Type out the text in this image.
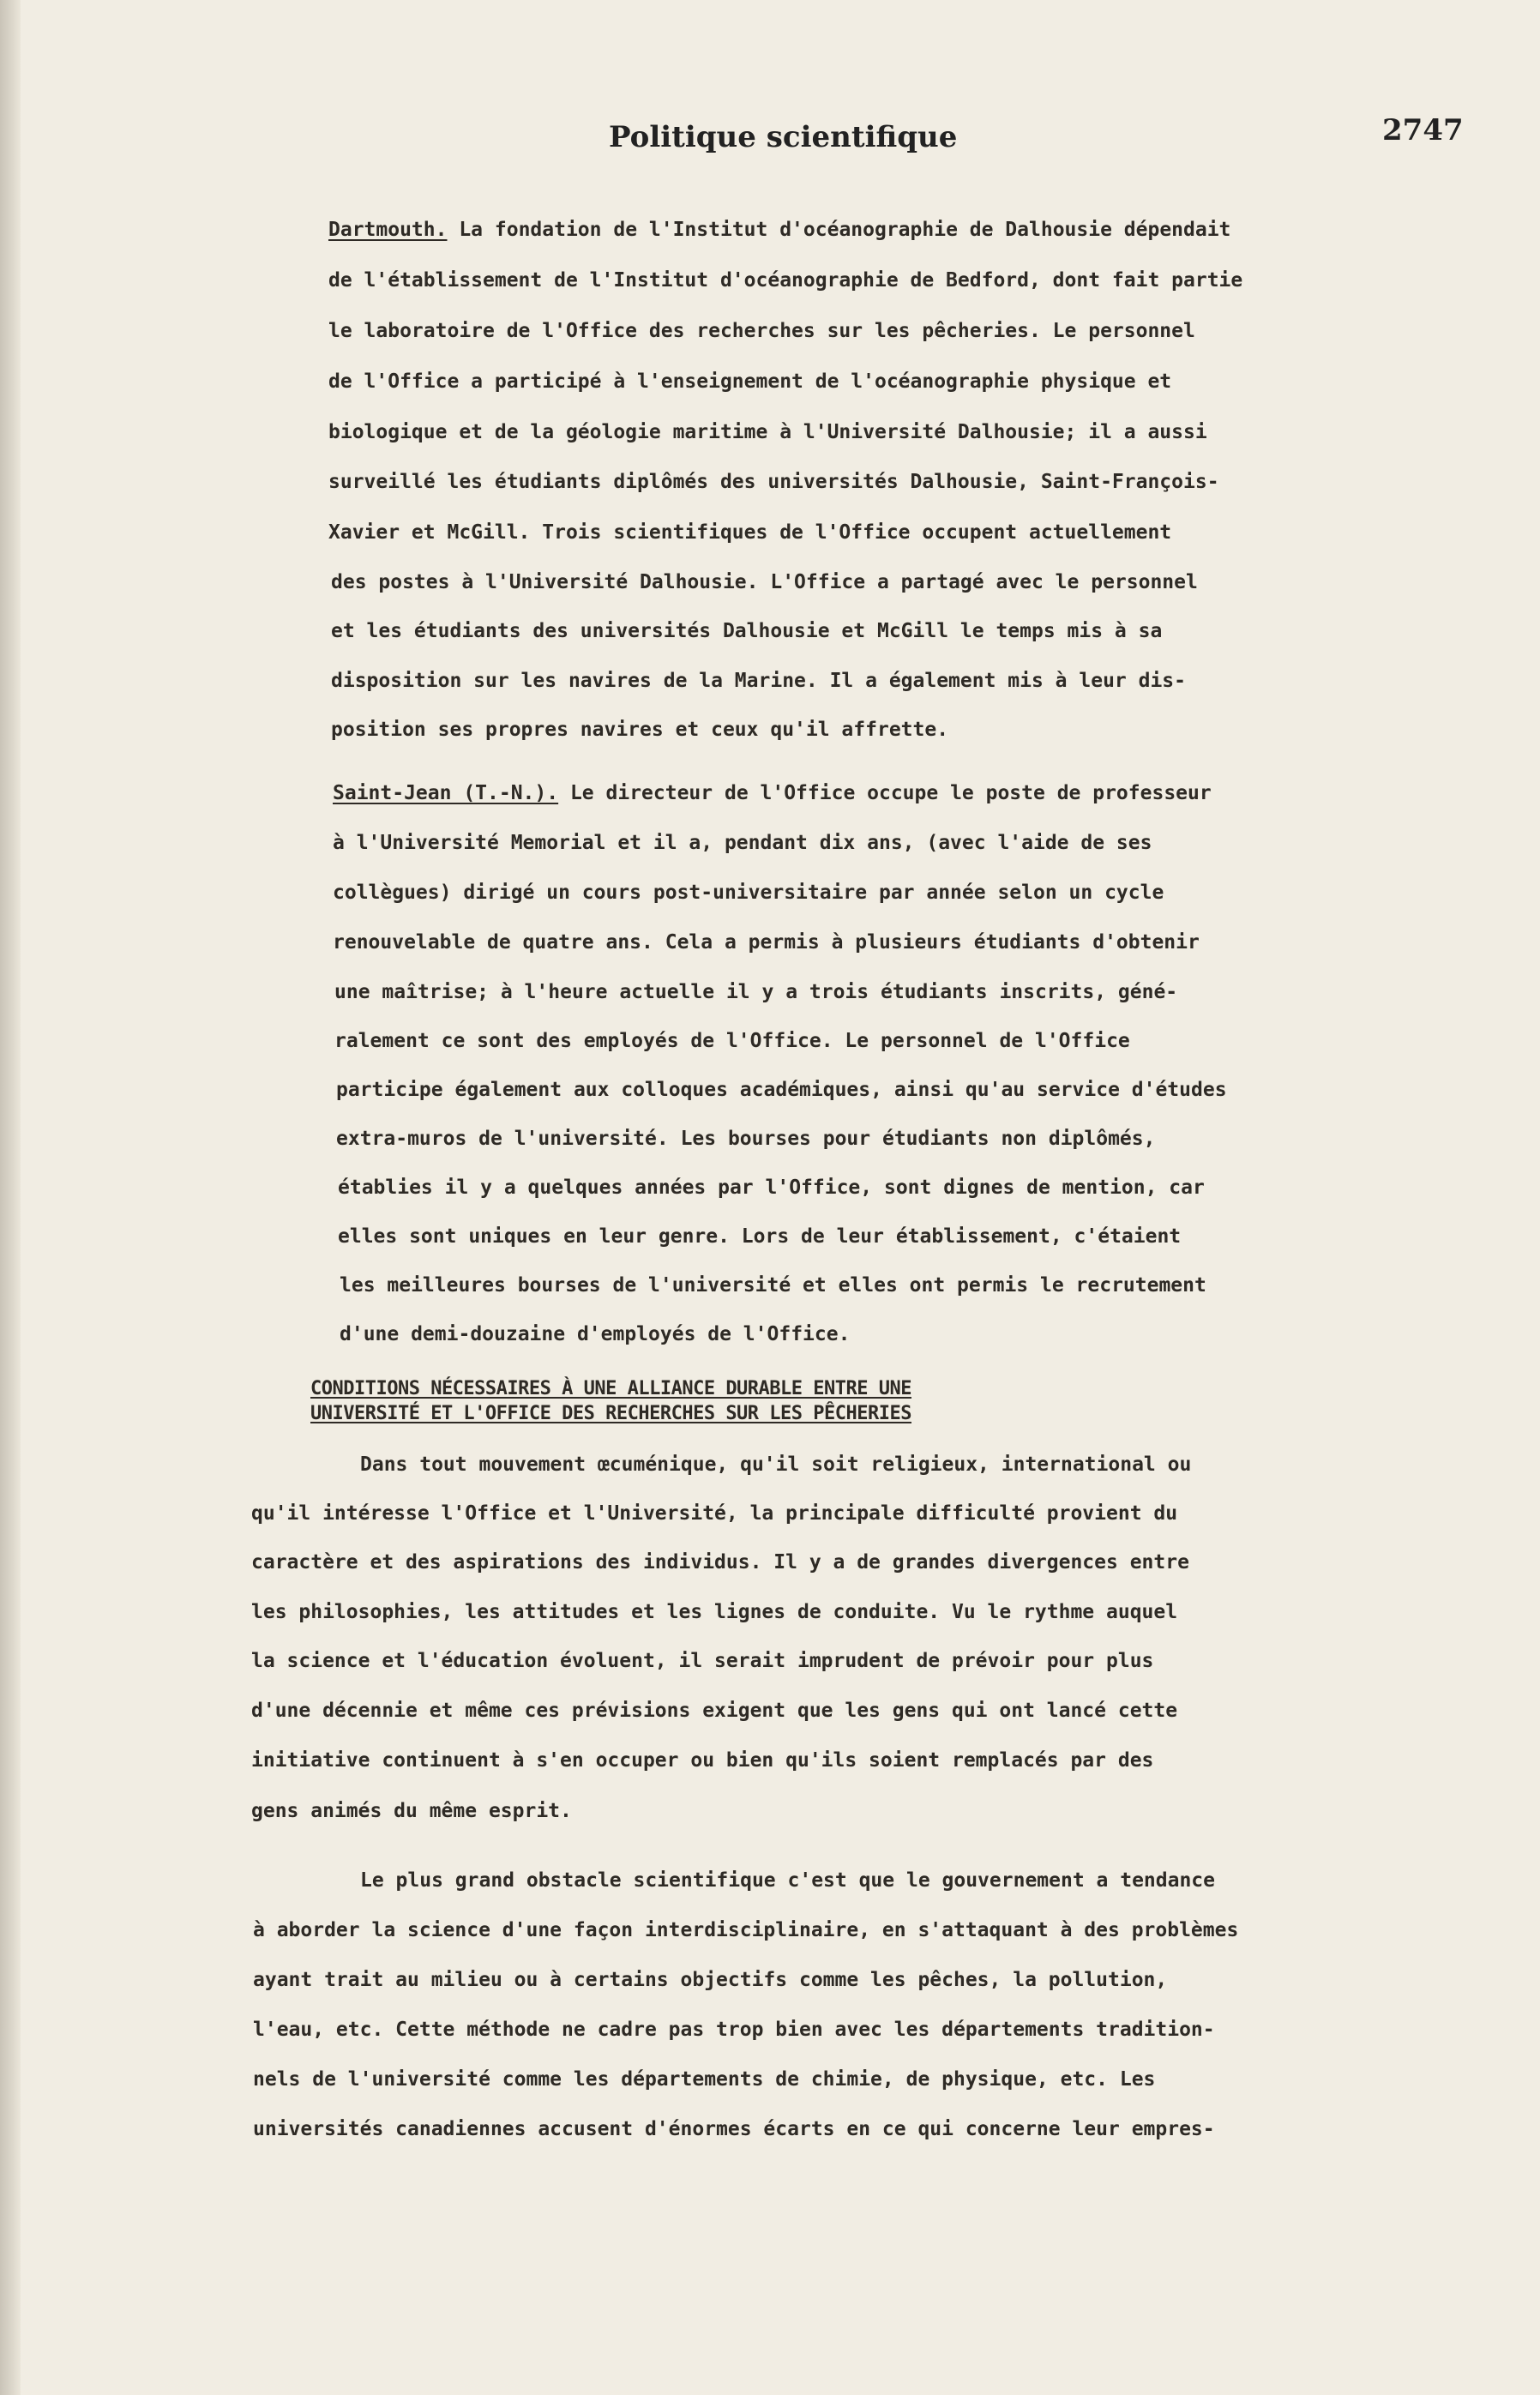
Politique scientifique	2747
Dartmouth. La fondation de l'Institut d'océanographie de Dalhousie dépendait
de l'établissement de l'Institut d'océanographie de Bedford, dont fait partie
le laboratoire de l'Office des recherches sur les pêcheries. Le personnel
de l'Office a participé à l'enseignement de l'océanographie physique et
biologique et de la géologie maritime à l'Université Dalhousie; il a aussi
surveillé les étudiants diplômés des universités Dalhousie, Saint-François-
Xavier et McGill. Trois scientifiques de l'Office occupent actuellement
des postes à l'Université Dalhousie. L'Office a partagé avec le personnel
et les étudiants des universités Dalhousie et McGill le temps mis à sa
disposition sur les navires de la Marine. Il a également mis à leur dis-
position ses propres navires et ceux qu'il affrette.
Saint-Jean (T.-N.). Le directeur de l'Office occupe le poste de professeur
à l'Université Memorial et il a, pendant dix ans, (avec l'aide de ses
collègues) dirigé un cours post-universitaire par année selon un cycle
renouvelable de quatre ans. Cela a permis à plusieurs étudiants d'obtenir
une maîtrise; à l'heure actuelle il y a trois étudiants inscrits, géné-
ralement ce sont des employés de l'Office. Le personnel de l'Office
participe également aux colloques académiques, ainsi qu'au service d'études
extra-muros de l'université. Les bourses pour étudiants non diplômés,
établies il y a quelques années par l'Office, sont dignes de mention, car
elles sont uniques en leur genre. Lors de leur établissement, c'étaient
les meilleures bourses de l'université et elles ont permis le recrutement
d'une demi-douzaine d'employés de l'Office.
CONDITIONS NÉCESSAIRES À UNE ALLIANCE DURABLE ENTRE UNE
UNIVERSITÉ ET L'OFFICE DES RECHERCHES SUR LES PÊCHERIES
Dans tout mouvement œcuménique, qu'il soit religieux, international ou
qu'il intéresse l'Office et l'Université, la principale difficulté provient du
caractère et des aspirations des individus. Il y a de grandes divergences entre
les philosophies, les attitudes et les lignes de conduite. Vu le rythme auquel
la science et l'éducation évoluent, il serait imprudent de prévoir pour plus
d'une décennie et même ces prévisions exigent que les gens qui ont lancé cette
initiative continuent à s'en occuper ou bien qu'ils soient remplacés par des
gens animés du même esprit.
Le plus grand obstacle scientifique c'est que le gouvernement a tendance
à aborder la science d'une façon interdisciplinaire, en s'attaquant à des problèmes
ayant trait au milieu ou à certains objectifs comme les pêches, la pollution,
l'eau, etc. Cette méthode ne cadre pas trop bien avec les départements tradition-
nels de l'université comme les départements de chimie, de physique, etc. Les
universités canadiennes accusent d'énormes écarts en ce qui concerne leur empres-
